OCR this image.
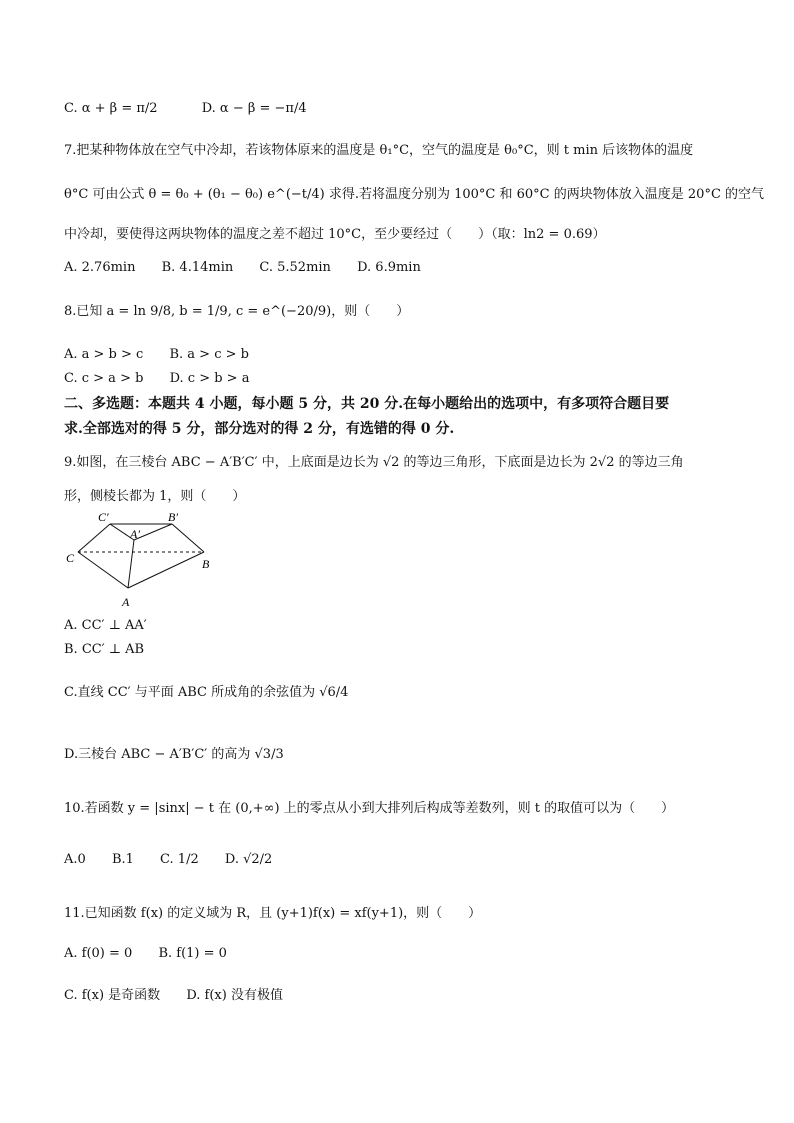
C. α + β = π/2	D. α − β = −π/4
7.把某种物体放在空气中冷却，若该物体原来的温度是 θ₁°C，空气的温度是 θ₀°C，则 t min 后该物体的温度
θ°C 可由公式 θ = θ₀ + (θ₁ − θ₀) e^(−t/4) 求得.若将温度分别为 100°C 和 60°C 的两块物体放入温度是 20°C 的空气
中冷却，要使得这两块物体的温度之差不超过 10°C，至少要经过（　　）（取：ln2 = 0.69）
A. 2.76min B. 4.14min C. 5.52min D. 6.9min
8.已知 a = ln 9/8, b = 1/9, c = e^(−20/9)，则（　　）
A. a > b > c B. a > c > b
C. c > a > b D. c > b > a
二、多选题：本题共 4 小题，每小题 5 分，共 20 分.在每小题给出的选项中，有多项符合题目要
求.全部选对的得 5 分，部分选对的得 2 分，有选错的得 0 分.
9.如图，在三棱台 ABC − A′B′C′ 中，上底面是边长为 √2 的等边三角形，下底面是边长为 2√2 的等边三角
形，侧棱长都为 1，则（　　）
C′	B′
A′
C	B
A
A. CC′ ⊥ AA′
B. CC′ ⊥ AB
C.直线 CC′ 与平面 ABC 所成角的余弦值为 √6/4
D.三棱台 ABC − A′B′C′ 的高为 √3/3
10.若函数 y = |sinx| − t 在 (0,+∞) 上的零点从小到大排列后构成等差数列，则 t 的取值可以为（　　）
A.0 B.1 C. 1/2 D. √2/2
11.已知函数 f(x) 的定义域为 R，且 (y+1)f(x) = xf(y+1)，则（　　）
A. f(0) = 0 B. f(1) = 0
C. f(x) 是奇函数 D. f(x) 没有极值
